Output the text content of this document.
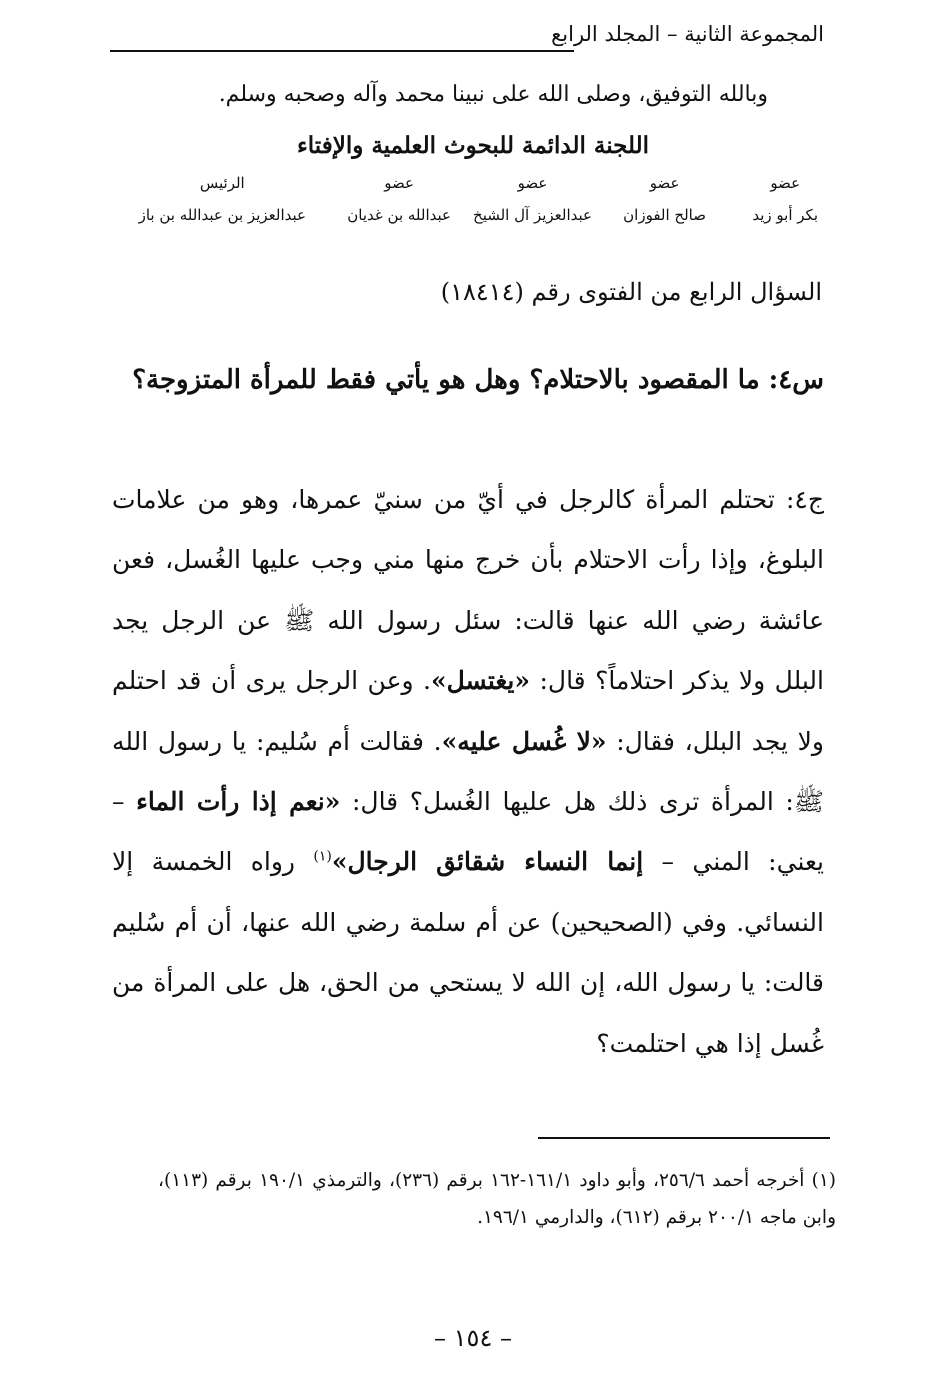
المجموعة الثانية – المجلد الرابع
وبالله التوفيق، وصلى الله على نبينا محمد وآله وصحبه وسلم.
اللجنة الدائمة للبحوث العلمية والإفتاء
عضو
بكر أبو زيد
عضو
صالح الفوزان
عضو
عبدالعزيز آل الشيخ
عضو
عبدالله بن غديان
الرئيس
عبدالعزيز بن عبدالله بن باز
السؤال الرابع من الفتوى رقم (١٨٤١٤)
س٤: ما المقصود بالاحتلام؟ وهل هو يأتي فقط للمرأة المتزوجة؟
ج٤: تحتلم المرأة كالرجل في أيّ من سنيّ عمرها، وهو من علامات البلوغ، وإذا رأت الاحتلام بأن خرج منها مني وجب عليها الغُسل، فعن عائشة رضي الله عنها قالت: سئل رسول الله ﷺ عن الرجل يجد البلل ولا يذكر احتلاماً؟ قال: «يغتسل». وعن الرجل يرى أن قد احتلم ولا يجد البلل، فقال: «لا غُسل عليه». فقالت أم سُليم: يا رسول الله ﷺ: المرأة ترى ذلك هل عليها الغُسل؟ قال: «نعم إذا رأت الماء – يعني: المني – إنما النساء شقائق الرجال»$^{(١)}$ رواه الخمسة إلا النسائي. وفي (الصحيحين) عن أم سلمة رضي الله عنها، أن أم سُليم قالت: يا رسول الله، إن الله لا يستحي من الحق، هل على المرأة من غُسل إذا هي احتلمت؟
(١) أخرجه أحمد ٢٥٦/٦، وأبو داود ١٦١/١-١٦٢ برقم (٢٣٦)، والترمذي ١٩٠/١ برقم (١١٣)، وابن ماجه ٢٠٠/١ برقم (٦١٢)، والدارمي ١٩٦/١.
– ١٥٤ –
